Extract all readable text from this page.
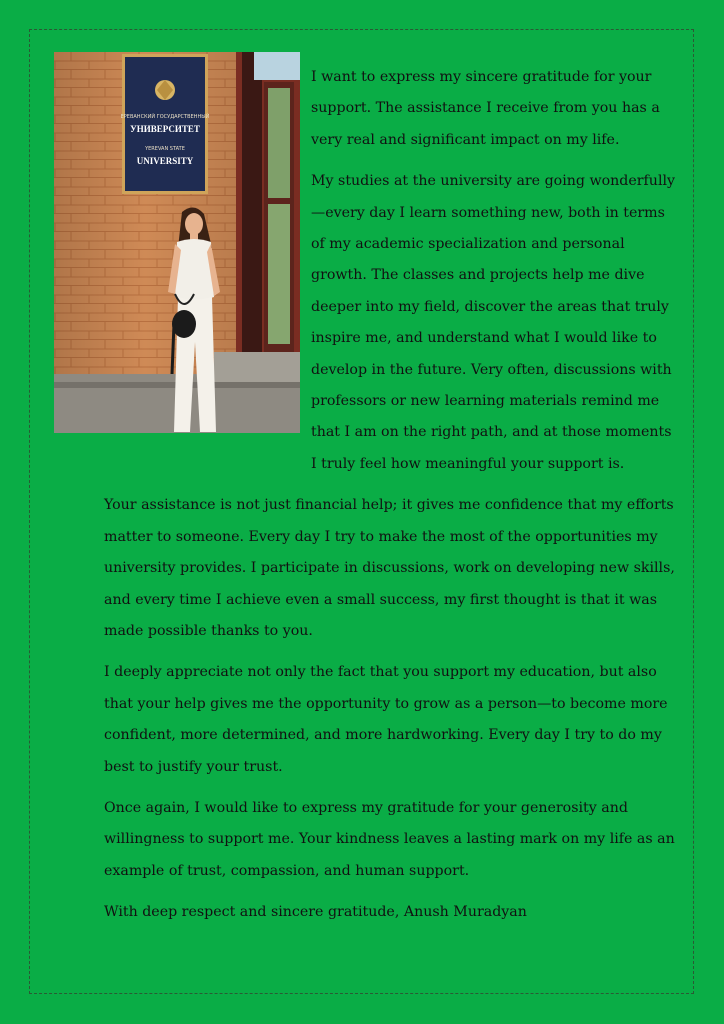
ЕРЕВАНСКИЙ ГОСУДАРСТВЕННЫЙ
УНИВЕРСИТЕТ
YEREVAN STATE
UNIVERSITY

I want to express my sincere gratitude for your support. The assistance I receive from you has a very real and significant impact on my life.

My studies at the university are going wonderfully—every day I learn something new, both in terms of my academic specialization and personal growth. The classes and projects help me dive deeper into my field, discover the areas that truly inspire me, and understand what I would like to develop in the future. Very often, discussions with professors or new learning materials remind me that I am on the right path, and at those moments I truly feel how meaningful your support is.

Your assistance is not just financial help; it gives me confidence that my efforts matter to someone. Every day I try to make the most of the opportunities my university provides. I participate in discussions, work on developing new skills, and every time I achieve even a small success, my first thought is that it was made possible thanks to you.

I deeply appreciate not only the fact that you support my education, but also that your help gives me the opportunity to grow as a person—to become more confident, more determined, and more hardworking. Every day I try to do my best to justify your trust.

Once again, I would like to express my gratitude for your generosity and willingness to support me. Your kindness leaves a lasting mark on my life as an example of trust, compassion, and human support.

With deep respect and sincere gratitude, Anush Muradyan
